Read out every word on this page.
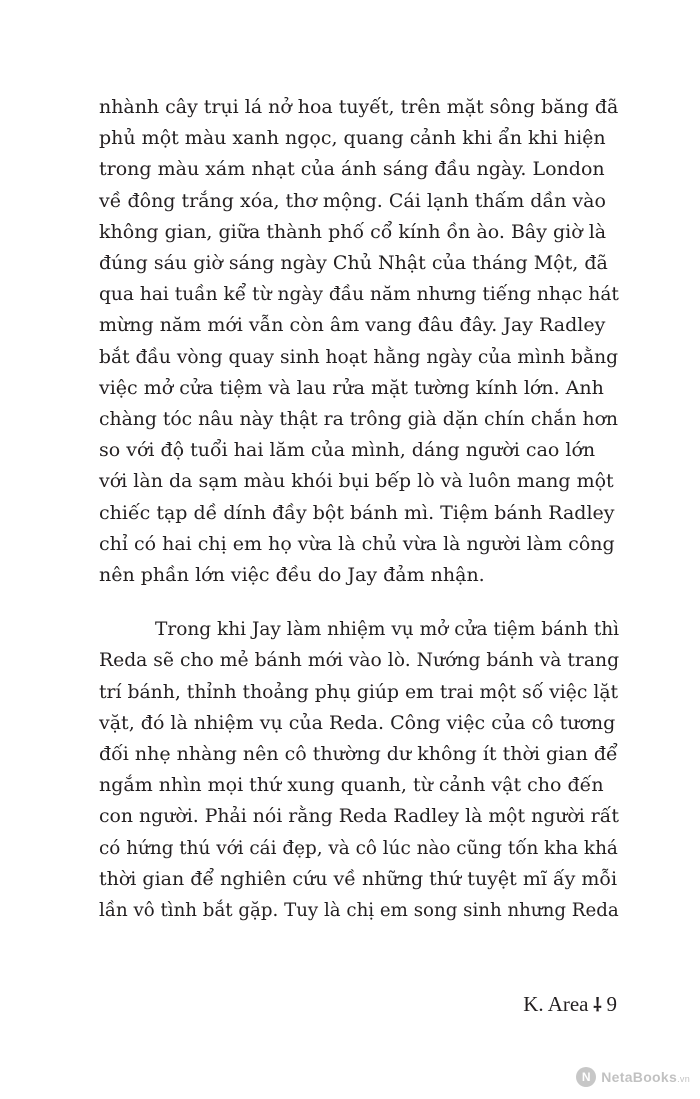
nhành cây trụi lá nở hoa tuyết, trên mặt sông băng đã
phủ một màu xanh ngọc, quang cảnh khi ẩn khi hiện
trong màu xám nhạt của ánh sáng đầu ngày. London
về đông trắng xóa, thơ mộng. Cái lạnh thấm dần vào
không gian, giữa thành phố cổ kính ồn ào. Bây giờ là
đúng sáu giờ sáng ngày Chủ Nhật của tháng Một, đã
qua hai tuần kể từ ngày đầu năm nhưng tiếng nhạc hát
mừng năm mới vẫn còn âm vang đâu đây. Jay Radley
bắt đầu vòng quay sinh hoạt hằng ngày của mình bằng
việc mở cửa tiệm và lau rửa mặt tường kính lớn. Anh
chàng tóc nâu này thật ra trông già dặn chín chắn hơn
so với độ tuổi hai lăm của mình, dáng người cao lớn
với làn da sạm màu khói bụi bếp lò và luôn mang một
chiếc tạp dề dính đầy bột bánh mì. Tiệm bánh Radley
chỉ có hai chị em họ vừa là chủ vừa là người làm công
nên phần lớn việc đều do Jay đảm nhận.

Trong khi Jay làm nhiệm vụ mở cửa tiệm bánh thì
Reda sẽ cho mẻ bánh mới vào lò. Nướng bánh và trang
trí bánh, thỉnh thoảng phụ giúp em trai một số việc lặt
vặt, đó là nhiệm vụ của Reda. Công việc của cô tương
đối nhẹ nhàng nên cô thường dư không ít thời gian để
ngắm nhìn mọi thứ xung quanh, từ cảnh vật cho đến
con người. Phải nói rằng Reda Radley là một người rất
có hứng thú với cái đẹp, và cô lúc nào cũng tốn kha khá
thời gian để nghiên cứu về những thứ tuyệt mĩ ấy mỗi
lần vô tình bắt gặp. Tuy là chị em song sinh nhưng Reda

K. Area ⸸ 9
N NetaBooks.vn
